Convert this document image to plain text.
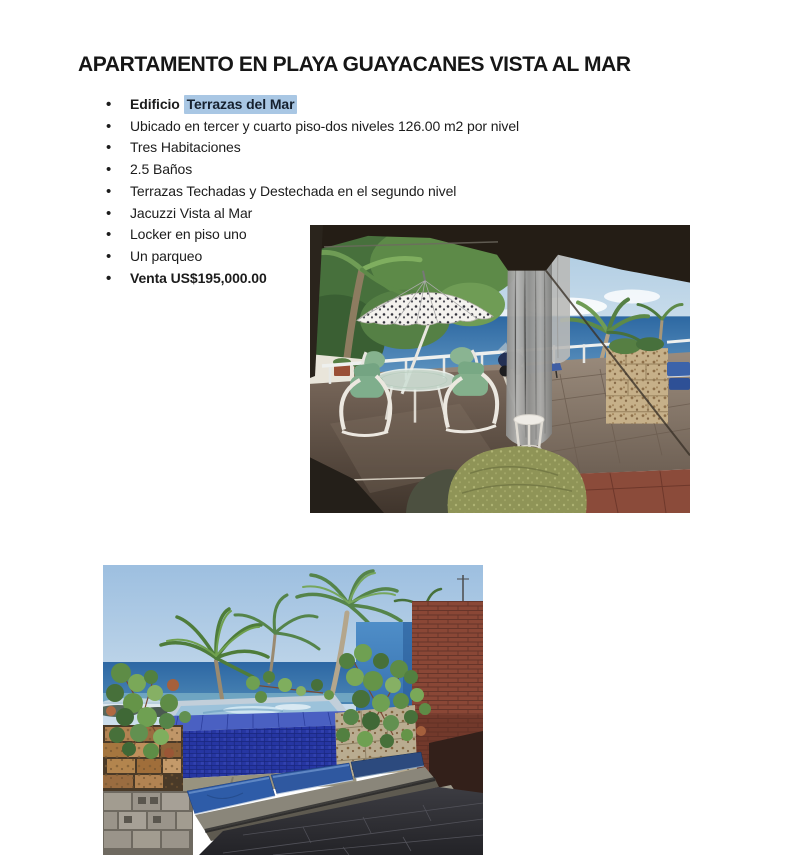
APARTAMENTO EN PLAYA GUAYACANES VISTA AL MAR
• Edificio Terrazas del Mar
• Ubicado en tercer y cuarto piso-dos niveles 126.00 m2 por nivel
• Tres Habitaciones
• 2.5 Baños
• Terrazas Techadas y Destechada en el segundo nivel
• Jacuzzi Vista al Mar
• Locker en piso uno
• Un parqueo
• Venta US$195,000.00
